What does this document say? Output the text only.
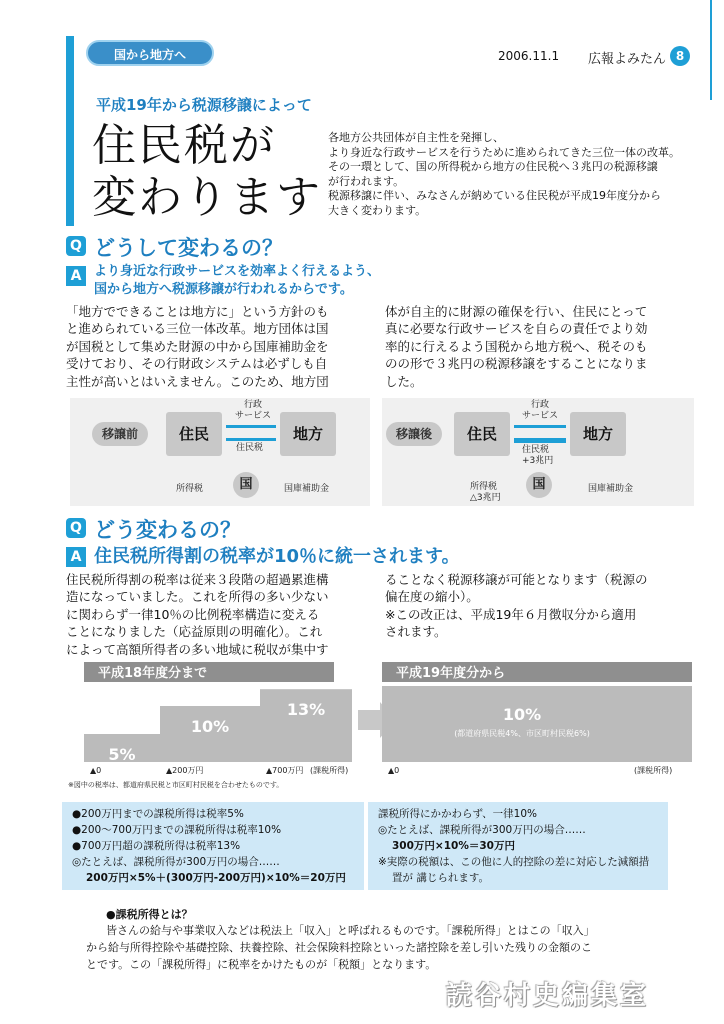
国から地方へ	2006.11.1 広報よみたん 8
平成19年から税源移譲によって
住民税が
変わります
各地方公共団体が自主性を発揮し、
より身近な行政サービスを行うために進められてきた三位一体の改革。
その一環として、国の所得税から地方の住民税へ３兆円の税源移譲
が行われます。
税源移譲に伴い、みなさんが納めている住民税が平成19年度分から
大きく変わります。
Q どうして変わるの？
A より身近な行政サービスを効率よく行えるよう、
国から地方へ税源移譲が行われるからです。
「地方でできることは地方に」という方針のも
と進められている三位一体改革。地方団体は国
が国税として集めた財源の中から国庫補助金を
受けており、その行財政システムは必ずしも自
主性が高いとはいえません。このため、地方団
体が自主的に財源の確保を行い、住民にとって
真に必要な行政サービスを自らの責任でより効
率的に行えるよう国税から地方税へ、税そのも
のの形で３兆円の税源移譲をすることになりま
した。
移譲前	住民	地方
行政
サービス
住民税
国
所得税	国庫補助金
移譲後	住民	地方
行政
サービス
住民税
+3兆円
国
所得税
△3兆円
国庫補助金
Q どう変わるの？
A 住民税所得割の税率が10％に統一されます。
住民税所得割の税率は従来３段階の超過累進構
造になっていました。これを所得の多い少ない
に関わらず一律10％の比例税率構造に変える
ことになりました（応益原則の明確化）。これ
によって高額所得者の多い地域に税収が集中す
ることなく税源移譲が可能となります（税源の
偏在度の縮小）。
※この改正は、平成19年６月徴収分から適用
されます。
平成18年度分まで
5%
10%
13%
▲0	▲200万円	▲700万円 (課税所得)
※図中の税率は、都道府県民税と市区町村民税を合わせたものです。
平成19年度分から
10%
(都道府県民税4%、市区町村民税6%)
▲0	(課税所得)
●200万円までの課税所得は税率5%
●200〜700万円までの課税所得は税率10%
●700万円超の課税所得は税率13%
◎たとえば、課税所得が300万円の場合……
200万円×5%＋(300万円-200万円)×10%＝20万円
課税所得にかかわらず、一律10%
◎たとえば、課税所得が300万円の場合……
300万円×10%＝30万円
※実際の税額は、この他に人的控除の差に対応した減額措
置が 講じられます。
●課税所得とは？
皆さんの給与や事業収入などは税法上「収入」と呼ばれるものです。「課税所得」とはこの「収入」
から給与所得控除や基礎控除、扶養控除、社会保険料控除といった諸控除を差し引いた残りの金額のこ
とです。この「課税所得」に税率をかけたものが「税額」となります。
読谷村史編集室
